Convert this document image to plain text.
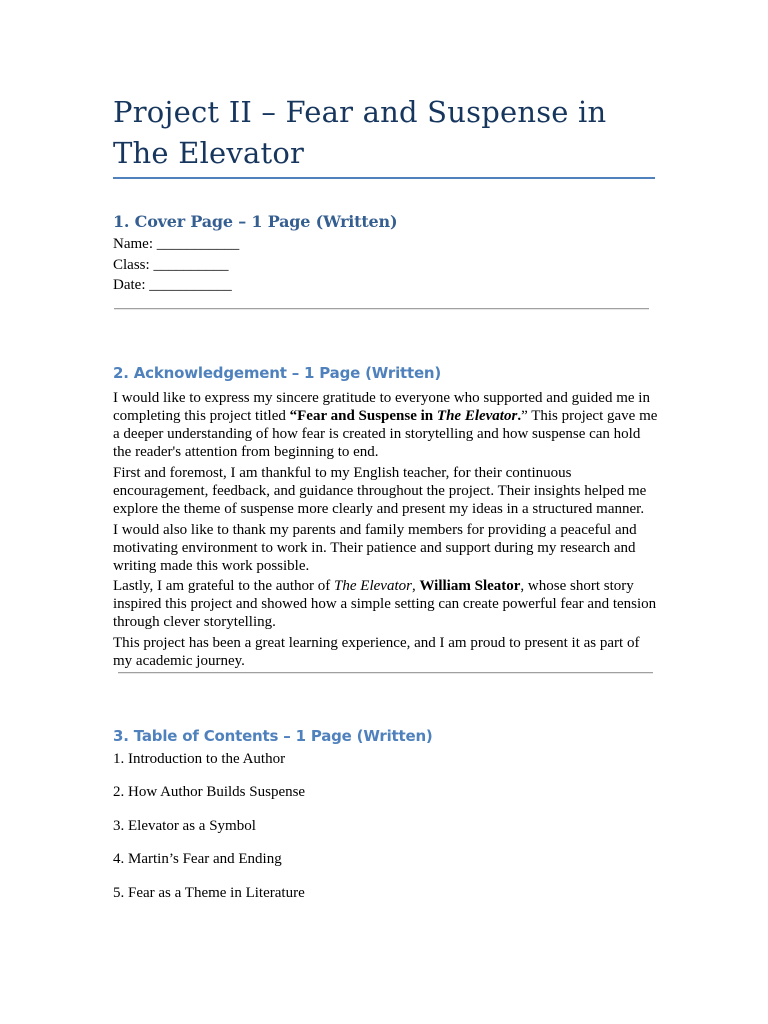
Project II – Fear and Suspense in The Elevator
1. Cover Page – 1 Page (Written)
Name: ___________
Class: __________
Date: ___________
2. Acknowledgement – 1 Page (Written)

I would like to express my sincere gratitude to everyone who supported and guided me in completing this project titled “Fear and Suspense in The Elevator.” This project gave me a deeper understanding of how fear is created in storytelling and how suspense can hold the reader's attention from beginning to end.

First and foremost, I am thankful to my English teacher, for their continuous encouragement, feedback, and guidance throughout the project. Their insights helped me explore the theme of suspense more clearly and present my ideas in a structured manner.

I would also like to thank my parents and family members for providing a peaceful and motivating environment to work in. Their patience and support during my research and writing made this work possible.

Lastly, I am grateful to the author of The Elevator, William Sleator, whose short story inspired this project and showed how a simple setting can create powerful fear and tension through clever storytelling.

This project has been a great learning experience, and I am proud to present it as part of my academic journey.

3. Table of Contents – 1 Page (Written)
1. Introduction to the Author
2. How Author Builds Suspense
3. Elevator as a Symbol
4. Martin’s Fear and Ending
5. Fear as a Theme in Literature
